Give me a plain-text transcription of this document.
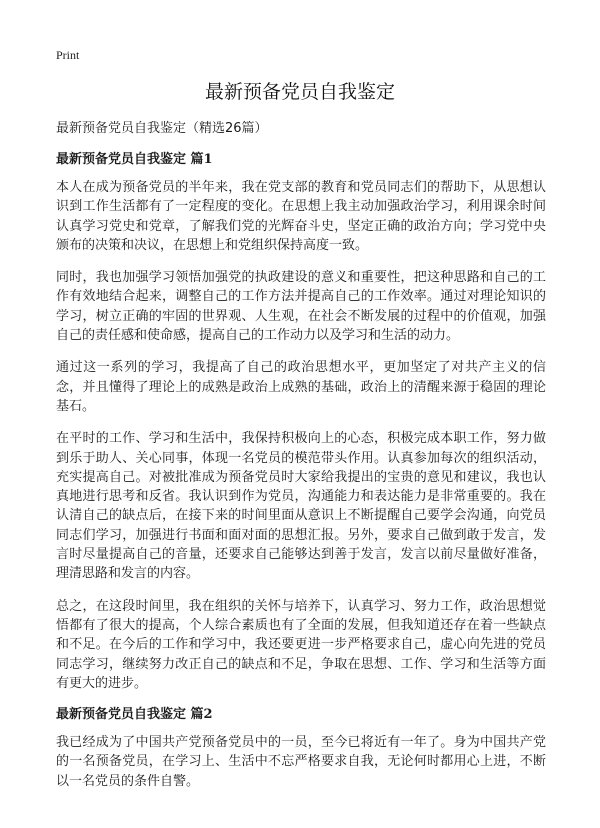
Print
最新预备党员自我鉴定

最新预备党员自我鉴定（精选26篇）

最新预备党员自我鉴定 篇1

本人在成为预备党员的半年来，我在党支部的教育和党员同志们的帮助下，从思想认识到工作生活都有了一定程度的变化。在思想上我主动加强政治学习，利用课余时间认真学习党史和党章，了解我们党的光辉奋斗史，坚定正确的政治方向；学习党中央颁布的决策和决议，在思想上和党组织保持高度一致。

同时，我也加强学习领悟加强党的执政建设的意义和重要性，把这种思路和自己的工作有效地结合起来，调整自己的工作方法并提高自己的工作效率。通过对理论知识的学习，树立正确的牢固的世界观、人生观，在社会不断发展的过程中的价值观，加强自己的责任感和使命感，提高自己的工作动力以及学习和生活的动力。

通过这一系列的学习，我提高了自己的政治思想水平，更加坚定了对共产主义的信念，并且懂得了理论上的成熟是政治上成熟的基础，政治上的清醒来源于稳固的理论基石。

在平时的工作、学习和生活中，我保持积极向上的心态，积极完成本职工作，努力做到乐于助人、关心同事，体现一名党员的模范带头作用。认真参加每次的组织活动，充实提高自己。对被批准成为预备党员时大家给我提出的宝贵的意见和建议，我也认真地进行思考和反省。我认识到作为党员，沟通能力和表达能力是非常重要的。我在认清自己的缺点后，在接下来的时间里面从意识上不断提醒自己要学会沟通，向党员同志们学习，加强进行书面和面对面的思想汇报。另外，要求自己做到敢于发言，发言时尽量提高自己的音量，还要求自己能够达到善于发言，发言以前尽量做好准备，理清思路和发言的内容。

总之，在这段时间里，我在组织的关怀与培养下，认真学习、努力工作，政治思想觉悟都有了很大的提高，个人综合素质也有了全面的发展，但我知道还存在着一些缺点和不足。在今后的工作和学习中，我还要更进一步严格要求自己，虚心向先进的党员同志学习，继续努力改正自己的缺点和不足，争取在思想、工作、学习和生活等方面有更大的进步。

最新预备党员自我鉴定 篇2

我已经成为了中国共产党预备党员中的一员，至今已将近有一年了。身为中国共产党的一名预备党员，在学习上、生活中不忘严格要求自我，无论何时都用心上进，不断以一名党员的条件自警。
